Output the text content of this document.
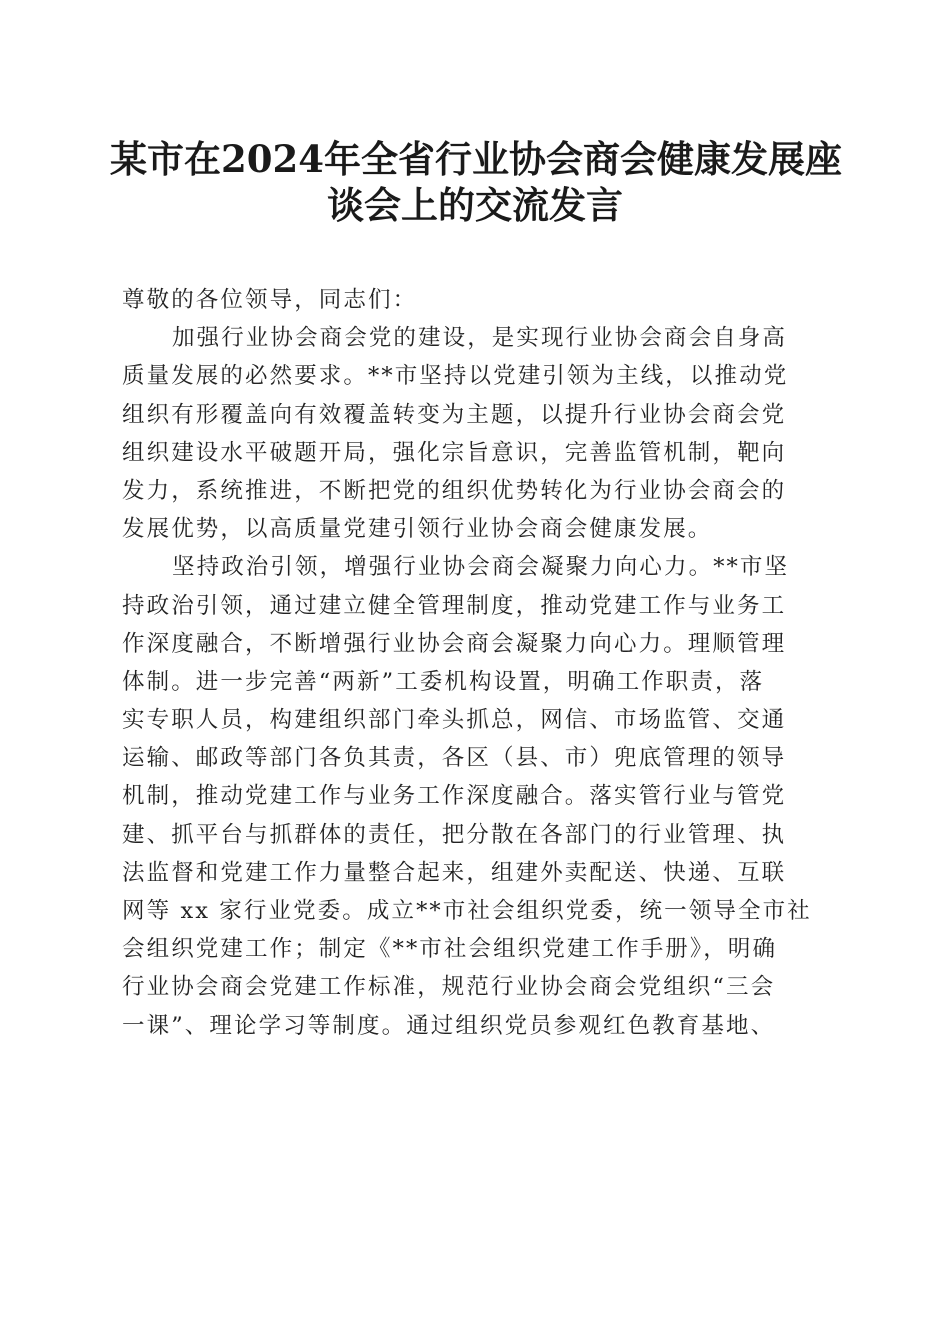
某市在2024年全省行业协会商会健康发展座
谈会上的交流发言
尊敬的各位领导，同志们：
加强行业协会商会党的建设，是实现行业协会商会自身高
质量发展的必然要求。**市坚持以党建引领为主线，以推动党
组织有形覆盖向有效覆盖转变为主题，以提升行业协会商会党
组织建设水平破题开局，强化宗旨意识，完善监管机制，靶向
发力，系统推进，不断把党的组织优势转化为行业协会商会的
发展优势，以高质量党建引领行业协会商会健康发展。
坚持政治引领，增强行业协会商会凝聚力向心力。**市坚
持政治引领，通过建立健全管理制度，推动党建工作与业务工
作深度融合，不断增强行业协会商会凝聚力向心力。理顺管理
体制。进一步完善“两新”工委机构设置，明确工作职责，落
实专职人员，构建组织部门牵头抓总，网信、市场监管、交通
运输、邮政等部门各负其责，各区（县、市）兜底管理的领导
机制，推动党建工作与业务工作深度融合。落实管行业与管党
建、抓平台与抓群体的责任，把分散在各部门的行业管理、执
法监督和党建工作力量整合起来，组建外卖配送、快递、互联
网等 xx 家行业党委。成立**市社会组织党委，统一领导全市社
会组织党建工作；制定《**市社会组织党建工作手册》，明确
行业协会商会党建工作标准，规范行业协会商会党组织“三会
一课”、理论学习等制度。通过组织党员参观红色教育基地、
